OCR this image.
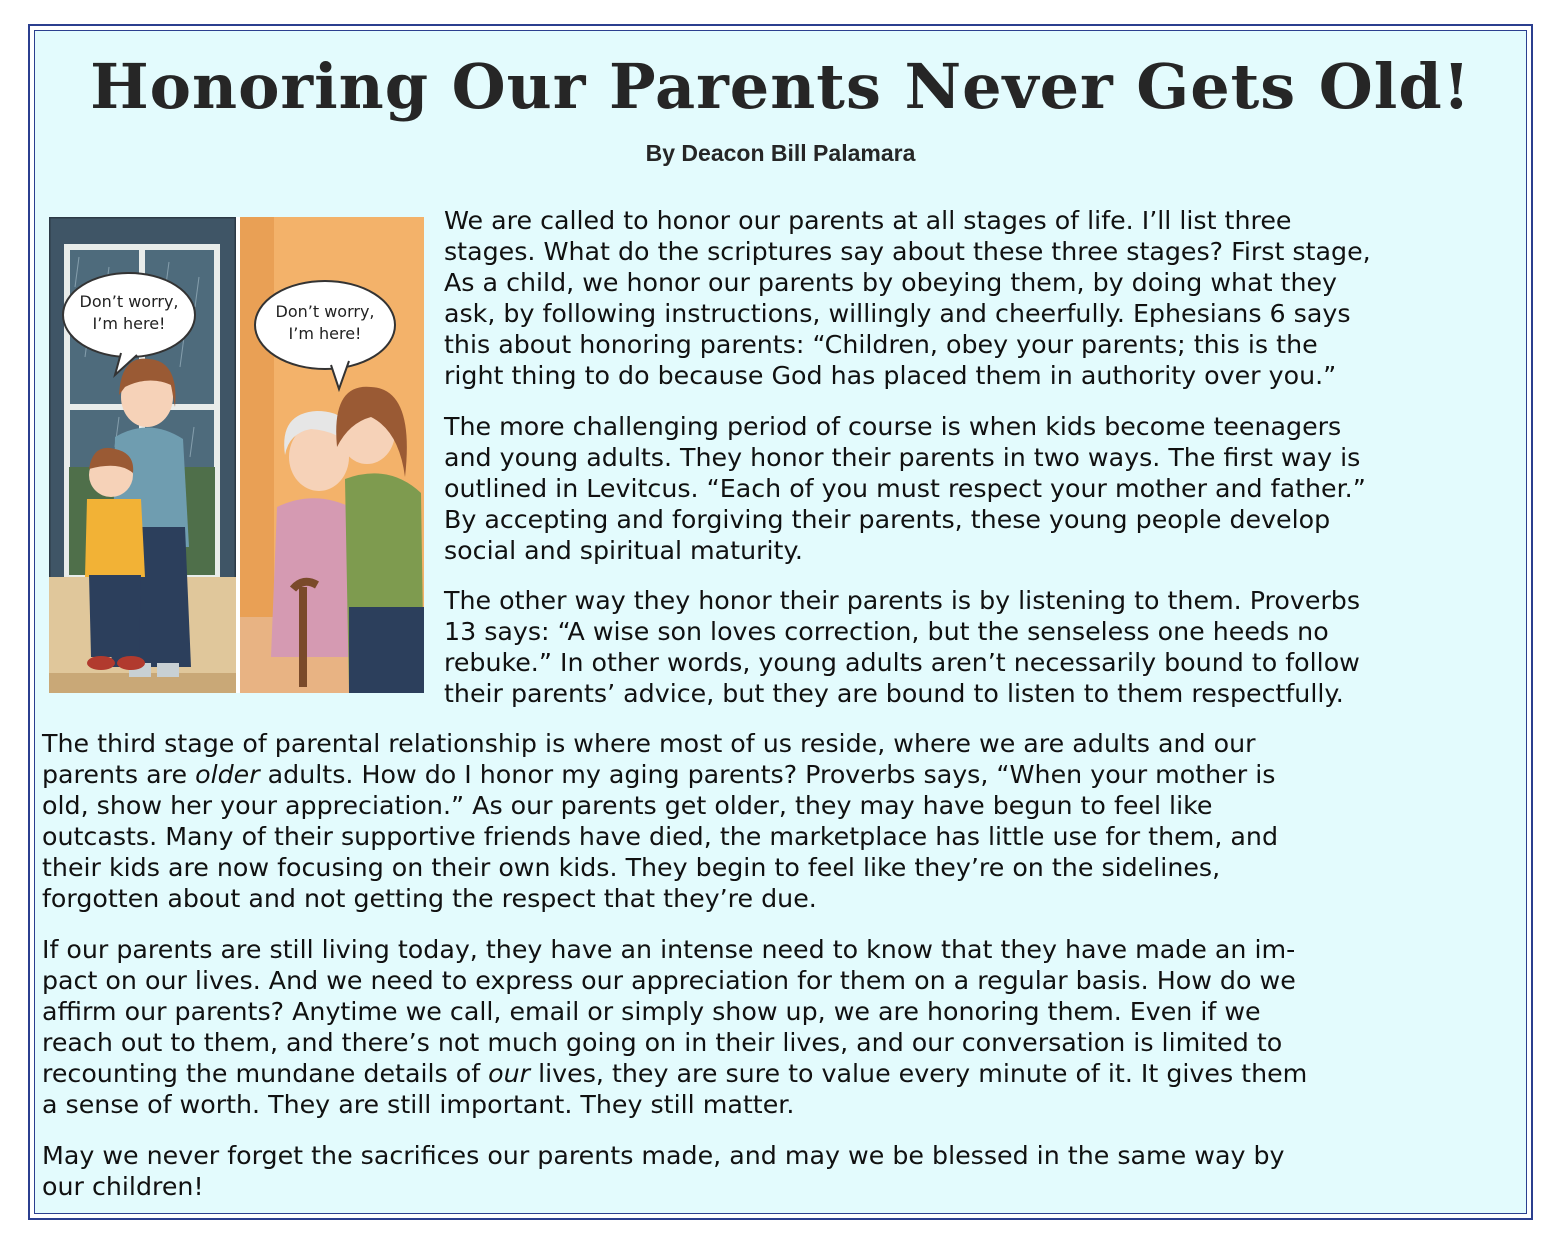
Honoring Our Parents Never Gets Old!
By Deacon Bill Palamara
Don’t worry,
I’m here!
Don’t worry,
I’m here!

We are called to honor our parents at all stages of life. I’ll list three
stages. What do the scriptures say about these three stages? First stage,
As a child, we honor our parents by obeying them, by doing what they
ask, by following instructions, willingly and cheerfully. Ephesians 6 says
this about honoring parents: “Children, obey your parents; this is the
right thing to do because God has placed them in authority over you.”

The more challenging period of course is when kids become teenagers
and young adults. They honor their parents in two ways. The first way is
outlined in Levitcus. “Each of you must respect your mother and father.”
By accepting and forgiving their parents, these young people develop
social and spiritual maturity.

The other way they honor their parents is by listening to them. Proverbs
13 says: “A wise son loves correction, but the senseless one heeds no
rebuke.” In other words, young adults aren’t necessarily bound to follow
their parents’ advice, but they are bound to listen to them respectfully.

The third stage of parental relationship is where most of us reside, where we are adults and our
parents are older adults. How do I honor my aging parents? Proverbs says, “When your mother is
old, show her your appreciation.” As our parents get older, they may have begun to feel like
outcasts. Many of their supportive friends have died, the marketplace has little use for them, and
their kids are now focusing on their own kids. They begin to feel like they’re on the sidelines,
forgotten about and not getting the respect that they’re due.

If our parents are still living today, they have an intense need to know that they have made an im-
pact on our lives. And we need to express our appreciation for them on a regular basis. How do we
affirm our parents? Anytime we call, email or simply show up, we are honoring them. Even if we
reach out to them, and there’s not much going on in their lives, and our conversation is limited to
recounting the mundane details of our lives, they are sure to value every minute of it. It gives them
a sense of worth. They are still important. They still matter.

May we never forget the sacrifices our parents made, and may we be blessed in the same way by
our children!
